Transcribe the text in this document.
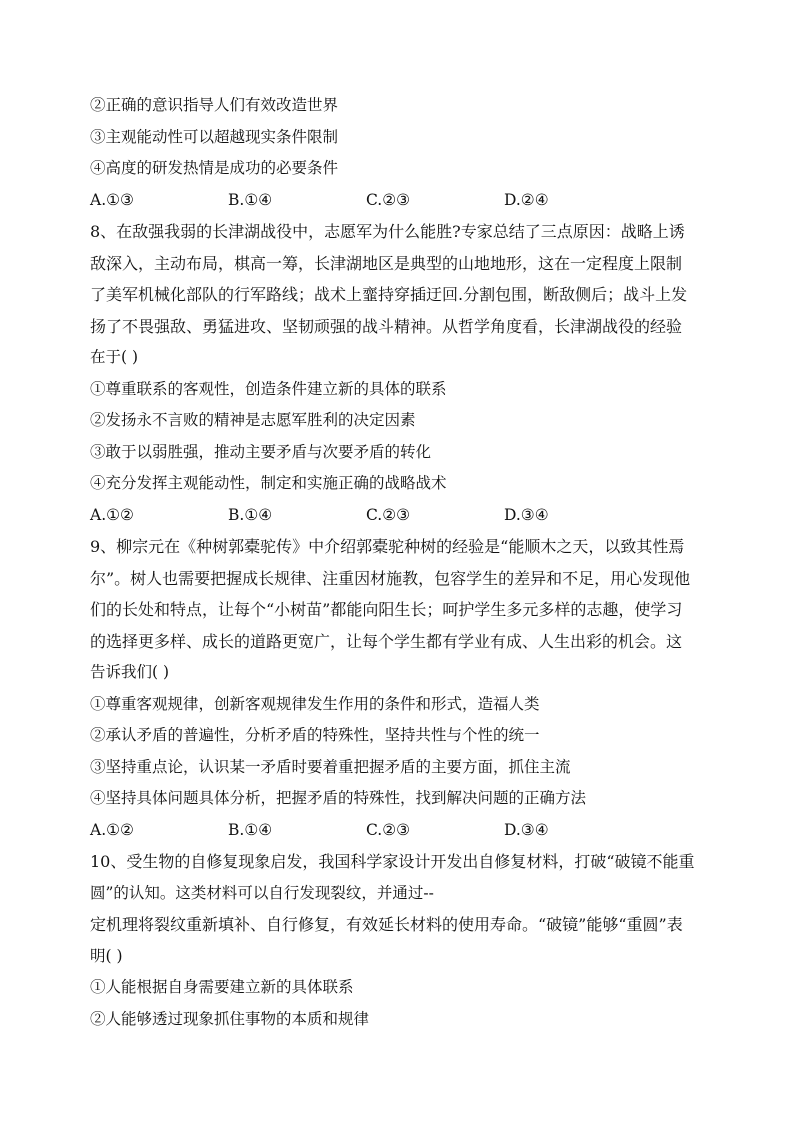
②正确的意识指导人们有效改造世界
③主观能动性可以超越现实条件限制
④高度的研发热情是成功的必要条件
A.①③	B.①④	C.②③	D.②④
8、在敌强我弱的长津湖战役中，志愿军为什么能胜?专家总结了三点原因：战略上诱
敌深入，主动布局，棋高一筹，长津湖地区是典型的山地地形，这在一定程度上限制
了美军机械化部队的行军路线；战术上韲持穿插迂回.分割包围，断敌侧后；战斗上发
扬了不畏强敌、勇猛进攻、坚韧顽强的战斗精神。从哲学角度看，长津湖战役的经验
在于( )
①尊重联系的客观性，创造条件建立新的具体的联系
②发扬永不言败的精神是志愿军胜利的决定因素
③敢于以弱胜强，推动主要矛盾与次要矛盾的转化
④充分发挥主观能动性，制定和实施正确的战略战术
A.①②	B.①④	C.②③	D.③④
9、柳宗元在《种树郭橐驼传》中介绍郭橐驼种树的经验是“能顺木之天，以致其性焉
尔”。树人也需要把握成长规律、注重因材施教，包容学生的差异和不足，用心发现他
们的长处和特点，让每个“小树苗”都能向阳生长；呵护学生多元多样的志趣，使学习
的选择更多样、成长的道路更宽广，让每个学生都有学业有成、人生出彩的机会。这
告诉我们( )
①尊重客观规律，创新客观规律发生作用的条件和形式，造福人类
②承认矛盾的普遍性，分析矛盾的特殊性，坚持共性与个性的统一
③坚持重点论，认识某一矛盾时要着重把握矛盾的主要方面，抓住主流
④坚持具体问题具体分析，把握矛盾的特殊性，找到解决问题的正确方法
A.①②	B.①④	C.②③	D.③④
10、受生物的自修复现象启发，我国科学家设计开发出自修复材料，打破“破镜不能重
圆”的认知。这类材料可以自行发现裂纹，并通过--
定机理将裂纹重新填补、自行修复，有效延长材料的使用寿命。“破镜”能够“重圆”表
明( )
①人能根据自身需要建立新的具体联系
②人能够透过现象抓住事物的本质和规律
